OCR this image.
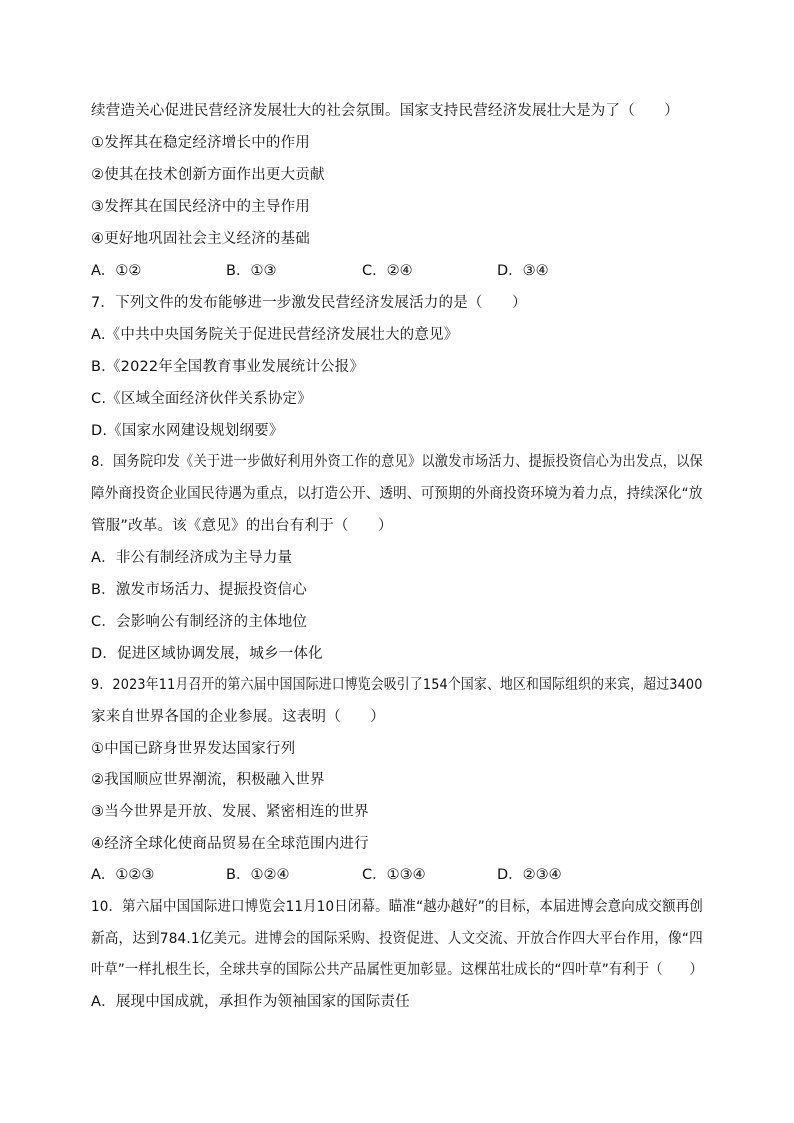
续营造关心促进民营经济发展壮大的社会氛围。国家支持民营经济发展壮大是为了（　　）
①发挥其在稳定经济增长中的作用
②使其在技术创新方面作出更大贡献
③发挥其在国民经济中的主导作用
④更好地巩固社会主义经济的基础
A．①②	B．①③	C．②④	D．③④
7．下列文件的发布能够进一步激发民营经济发展活力的是（　　）
A.《中共中央国务院关于促进民营经济发展壮大的意见》
B.《2022年全国教育事业发展统计公报》
C.《区域全面经济伙伴关系协定》
D.《国家水网建设规划纲要》
8．国务院印发《关于进一步做好利用外资工作的意见》以激发市场活力、提振投资信心为出发点，以保
障外商投资企业国民待遇为重点，以打造公开、透明、可预期的外商投资环境为着力点，持续深化“放
管服”改革。该《意见》的出台有利于（　　）
A．非公有制经济成为主导力量
B．激发市场活力、提振投资信心
C．会影响公有制经济的主体地位
D．促进区域协调发展，城乡一体化
9．2023年11月召开的第六届中国国际进口博览会吸引了154个国家、地区和国际组织的来宾，超过3400
家来自世界各国的企业参展。这表明（　　）
①中国已跻身世界发达国家行列
②我国顺应世界潮流，积极融入世界
③当今世界是开放、发展、紧密相连的世界
④经济全球化使商品贸易在全球范围内进行
A．①②③	B．①②④	C．①③④	D．②③④
10．第六届中国国际进口博览会11月10日闭幕。瞄准“越办越好”的目标，本届进博会意向成交额再创
新高，达到784.1亿美元。进博会的国际采购、投资促进、人文交流、开放合作四大平台作用，像“四
叶草”一样扎根生长，全球共享的国际公共产品属性更加彰显。这棵茁壮成长的“四叶草”有利于（　　）
A．展现中国成就，承担作为领袖国家的国际责任
